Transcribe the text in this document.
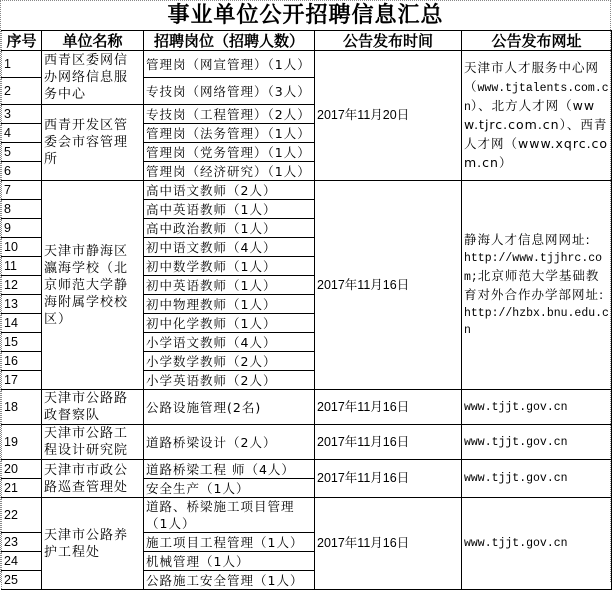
事业单位公开招聘信息汇总
序号	单位名称	招聘岗位（招聘人数）	公告发布时间	公告发布网址
1	西青区委网信办网络信息服务中心	管理岗（网宣管理）（1人）	2017年11月20日	天津市人才服务中心网（www.tjtalents.com.cn）、北方人才网（www.tjrc.com.cn）、西青人才网（www.xqrc.com.cn）
2		专技岗（网络管理）（3人）		
3	西青开发区管委会市容管理所	专技岗（工程管理）（2人）		
4		管理岗（法务管理）（1人）		
5		管理岗（党务管理）（1人）		
6		管理岗（经济研究）（1人）		
7	天津市静海区瀛海学校（北京师范大学静海附属学校校区）	高中语文教师（2人）	2017年11月16日	静海人才信息网网址:
http://www.tjjhrc.com;北京师范大学基础教育对外合作办学部网址: http://hzbx.bnu.edu.cn
8		高中英语教师（1人）		
9		高中政治教师（1人）		
10		初中语文教师（4人）		
11		初中数学教师（1人）		
12		初中英语教师（1人）		
13		初中物理教师（1人）		
14		初中化学教师（1人）		
15		小学语文教师（4人）		
16		小学数学教师（2人）		
17		小学英语教师（2人）		
18	天津市公路路政督察队	公路设施管理(2名)	2017年11月16日	www.tjjt.gov.cn
19	天津市公路工程设计研究院	道路桥梁设计（2人）	2017年11月16日	www.tjjt.gov.cn
20	天津市市政公路巡查管理处	道路桥梁工程 师（4人）	2017年11月16日	www.tjjt.gov.cn
21		安全生产（1人）		
22	天津市公路养护工程处	道路、桥梁施工项目管理（1人）	2017年11月16日	www.tjjt.gov.cn
23		施工项目工程管理（1人）		
24		机械管理（1人）		
25		公路施工安全管理（1人）		
